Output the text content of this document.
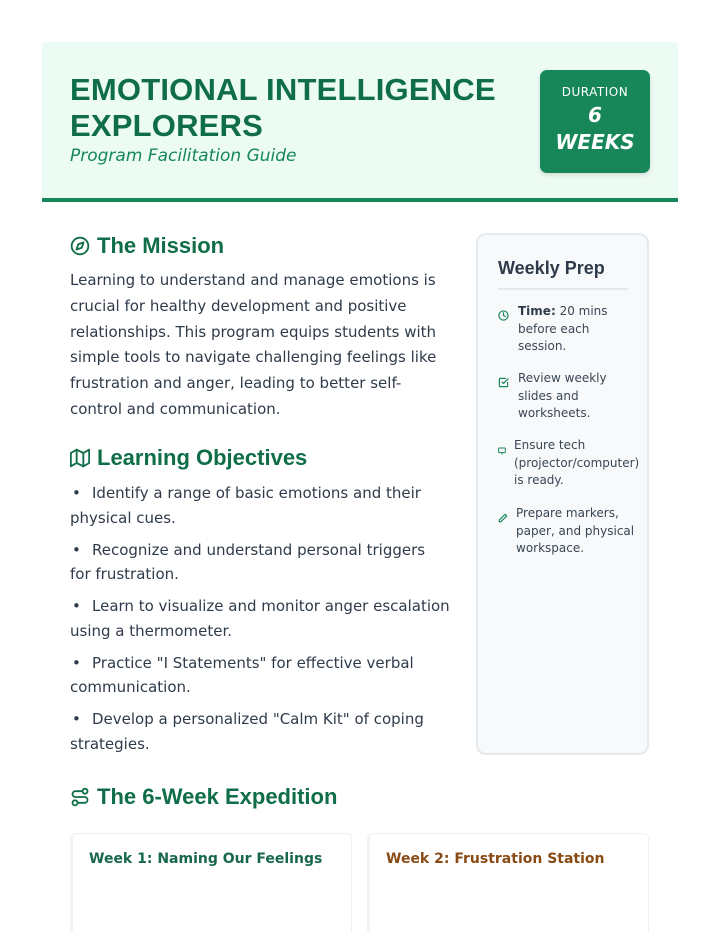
EMOTIONAL INTELLIGENCE EXPLORERS
Program Facilitation Guide
DURATION
6 WEEKS
The Mission

Learning to understand and manage emotions is crucial for healthy development and positive relationships. This program equips students with simple tools to navigate challenging feelings like frustration and anger, leading to better self-control and communication.

Learning Objectives
• Identify a range of basic emotions and their physical cues.
• Recognize and understand personal triggers for frustration.
• Learn to visualize and monitor anger escalation using a thermometer.
• Practice "I Statements" for effective verbal communication.
• Develop a personalized "Calm Kit" of coping strategies.
The 6-Week Expedition
Week 1: Naming Our Feelings	Week 2: Frustration Station
Weekly Prep
Time: 20 mins before each session.
Review weekly slides and worksheets.
Ensure tech (projector/computer) is ready.
Prepare markers, paper, and physical workspace.
